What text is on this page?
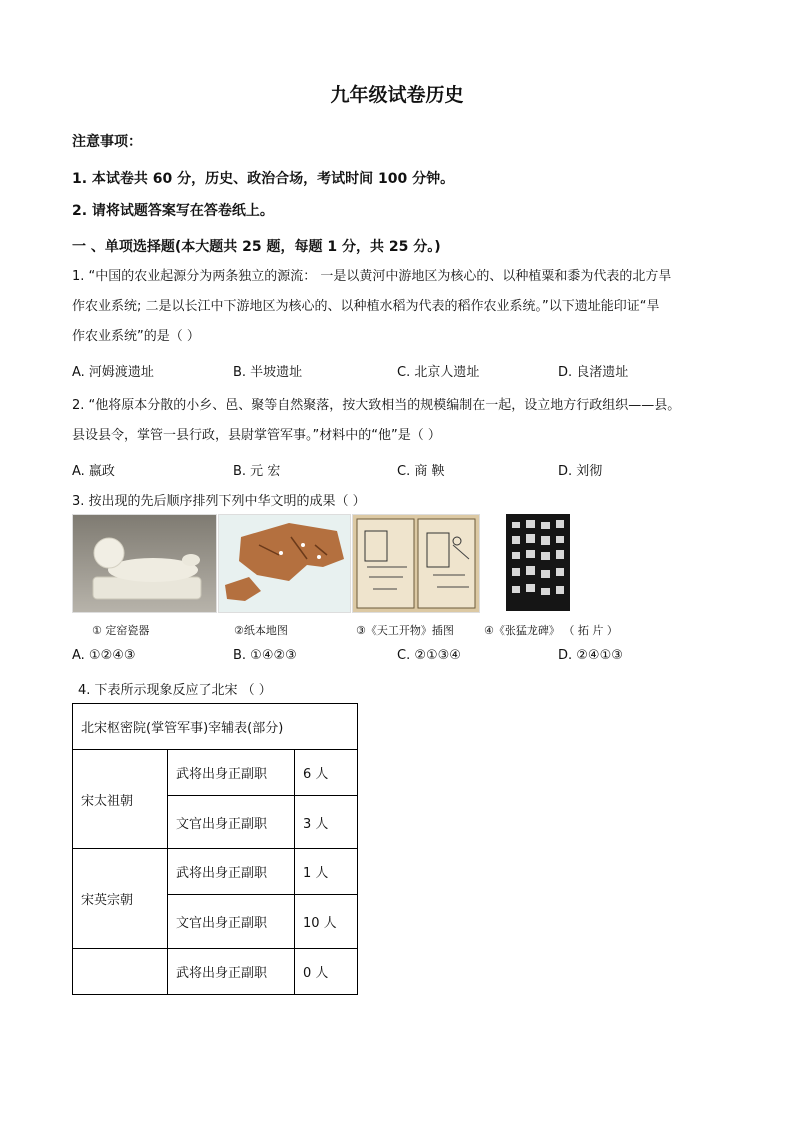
九年级试卷历史
注意事项：
1. 本试卷共 60 分，历史、政治合场，考试时间 100 分钟。
2. 请将试题答案写在答卷纸上。
一 、单项选择题(本大题共 25 题，每题 1 分，共 25 分。)
1. “中国的农业起源分为两条独立的源流： 一是以黄河中游地区为核心的、以种植粟和黍为代表的北方旱
作农业系统; 二是以长江中下游地区为核心的、以种植水稻为代表的稻作农业系统。”以下遗址能印证“旱
作农业系统”的是（ ）
A. 河姆渡遗址	B. 半坡遗址	C. 北京人遗址	D. 良渚遗址
2. “他将原本分散的小乡、邑、聚等自然聚落，按大致相当的规模编制在一起，设立地方行政组织——县。
县设县令，掌管一县行政，县尉掌管军事。”材料中的“他”是（ ）
A. 嬴政	B. 元 宏	C. 商 鞅	D. 刘彻
3. 按出现的先后顺序排列下列中华文明的成果（ ）
① 定窑瓷器	②纸本地图	③《天工开物》插图	④《张猛龙碑》 （ 拓 片 ）
A. ①②④③	B. ①④②③	C. ②①③④	D. ②④①③
4. 下表所示现象反应了北宋 （ ）
北宋枢密院(掌管军事)宰辅表(部分)		
宋太祖朝	武将出身正副职	6 人
	文官出身正副职	3 人
宋英宗朝	武将出身正副职	1 人
	文官出身正副职	10 人
	武将出身正副职	0 人
